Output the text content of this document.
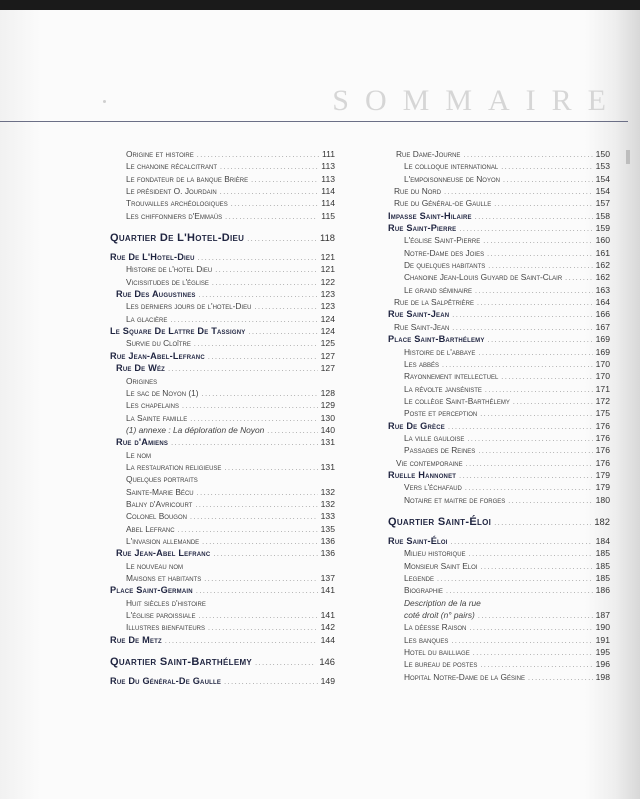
SOMMAIRE
Origine et histoire .....	111
Le chanoine récalcitrant .....	113
Le fondateur de la banque Brière .....	113
Le président O. Jourdain .....	114
Trouvailles archéologiques .....	114
Les chiffonniers d'Emmaüs .....	115
Quartier De L'Hotel-Dieu .....	118
Rue De L'Hotel-Dieu .....	121
Histoire de l'hotel Dieu .....	121
Vicissitudes de l'église .....	122
Rue Des Augustines .....	123
Les derniers jours de l'hotel-Dieu .....	123
La glacière .....	124
Le Square De Lattre De Tassigny .....	124
Survie du Cloître .....	125
Rue Jean-Abel-Lefranc .....	127
Rue De Wéz .....	127
Origines
Le sac de Noyon (1) .....	128
Les chapelains .....	129
La Sainte famille .....	130
(1) annexe : La déploration de Noyon .....	140
Rue d'Amiens .....	131
Le nom
La restauration religieuse .....	131
Quelques portraits
Sainte-Marie Bécu .....	132
Balny d'Avricourt .....	132
Colonel Bougon .....	133
Abel Lefranc .....	135
L'invasion allemande .....	136
Rue Jean-Abel Lefranc .....	136
Le nouveau nom
Maisons et habitants .....	137
Place Saint-Germain .....	141
Huit siècles d'histoire
L'église paroissiale .....	141
Illustres bienfaiteurs .....	142
Rue De Metz .....	144
Quartier Saint-Barthélemy .....	146
Rue Du Général-De Gaulle .....	149
Rue Dame-Journe .....	150
Le colloque international .....	153
L'empoisonneuse de Noyon .....	154
Rue du Nord .....	154
Rue du Général-de Gaulle .....	157
Impasse Saint-Hilaire .....	158
Rue Saint-Pierre .....	159
L'église Saint-Pierre .....	160
Notre-Dame des Joies .....	161
De quelques habitants .....	162
Chanoine Jean-Louis Guyard de Saint-Clair .....	162
Le grand séminaire .....	163
Rue de la Salpêtrière .....	164
Rue Saint-Jean .....	166
Rue Saint-Jean .....	167
Place Saint-Barthélemy .....	169
Histoire de l'abbaye .....	169
Les abbés .....	170
Rayonnement intellectuel .....	170
La révolte janséniste .....	171
Le collège Saint-Barthélemy .....	172
Poste et perception .....	175
Rue De Grèce .....	176
La ville gauloise .....	176
Passages de Reines .....	176
Vie contemporaine .....	176
Ruelle Hannonet .....	179
Vers l'échafaud .....	179
Notaire et maitre de forges .....	180
Quartier Saint-Éloi .....	182
Rue Saint-Éloi .....	184
Milieu historique .....	185
Monsieur Saint Eloi .....	185
Legende .....	185
Biographie .....	186
Description de la rue
coté droit (n° pairs) .....	187
La déesse Raison .....	190
Les banques .....	191
Hotel du bailliage .....	195
Le bureau de postes .....	196
Hopital Notre-Dame de la Gésine .....	198
